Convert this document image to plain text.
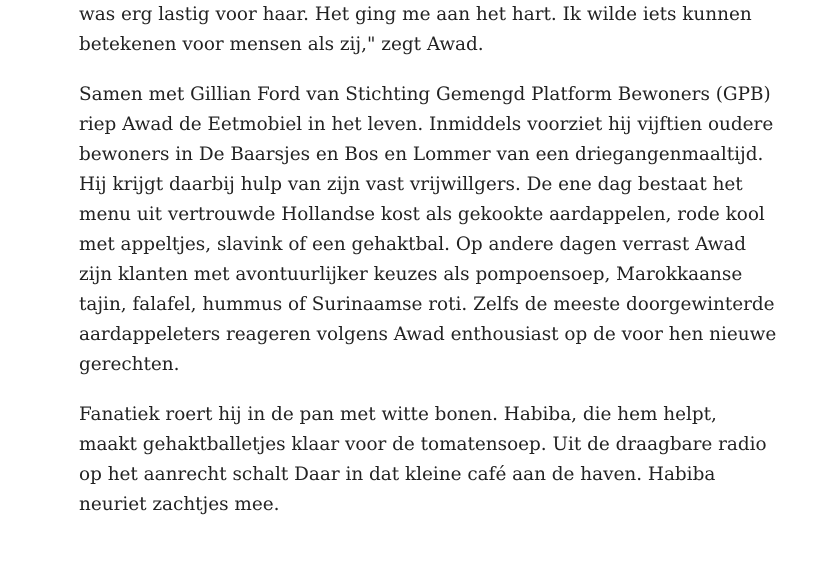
was erg lastig voor haar. Het ging me aan het hart. Ik wilde iets kunnen
betekenen voor mensen als zij," zegt Awad.
Samen met Gillian Ford van Stichting Gemengd Platform Bewoners (GPB)
riep Awad de Eetmobiel in het leven. Inmiddels voorziet hij vijftien oudere
bewoners in De Baarsjes en Bos en Lommer van een driegangenmaaltijd.
Hij krijgt daarbij hulp van zijn vast vrijwillgers. De ene dag bestaat het
menu uit vertrouwde Hollandse kost als gekookte aardappelen, rode kool
met appeltjes, slavink of een gehaktbal. Op andere dagen verrast Awad
zijn klanten met avontuurlijker keuzes als pompoensoep, Marokkaanse
tajin, falafel, hummus of Surinaamse roti. Zelfs de meeste doorgewinterde
aardappeleters reageren volgens Awad enthousiast op de voor hen nieuwe
gerechten.
Fanatiek roert hij in de pan met witte bonen. Habiba, die hem helpt,
maakt gehaktballetjes klaar voor de tomatensoep. Uit de draagbare radio
op het aanrecht schalt Daar in dat kleine café aan de haven. Habiba
neuriet zachtjes mee.
